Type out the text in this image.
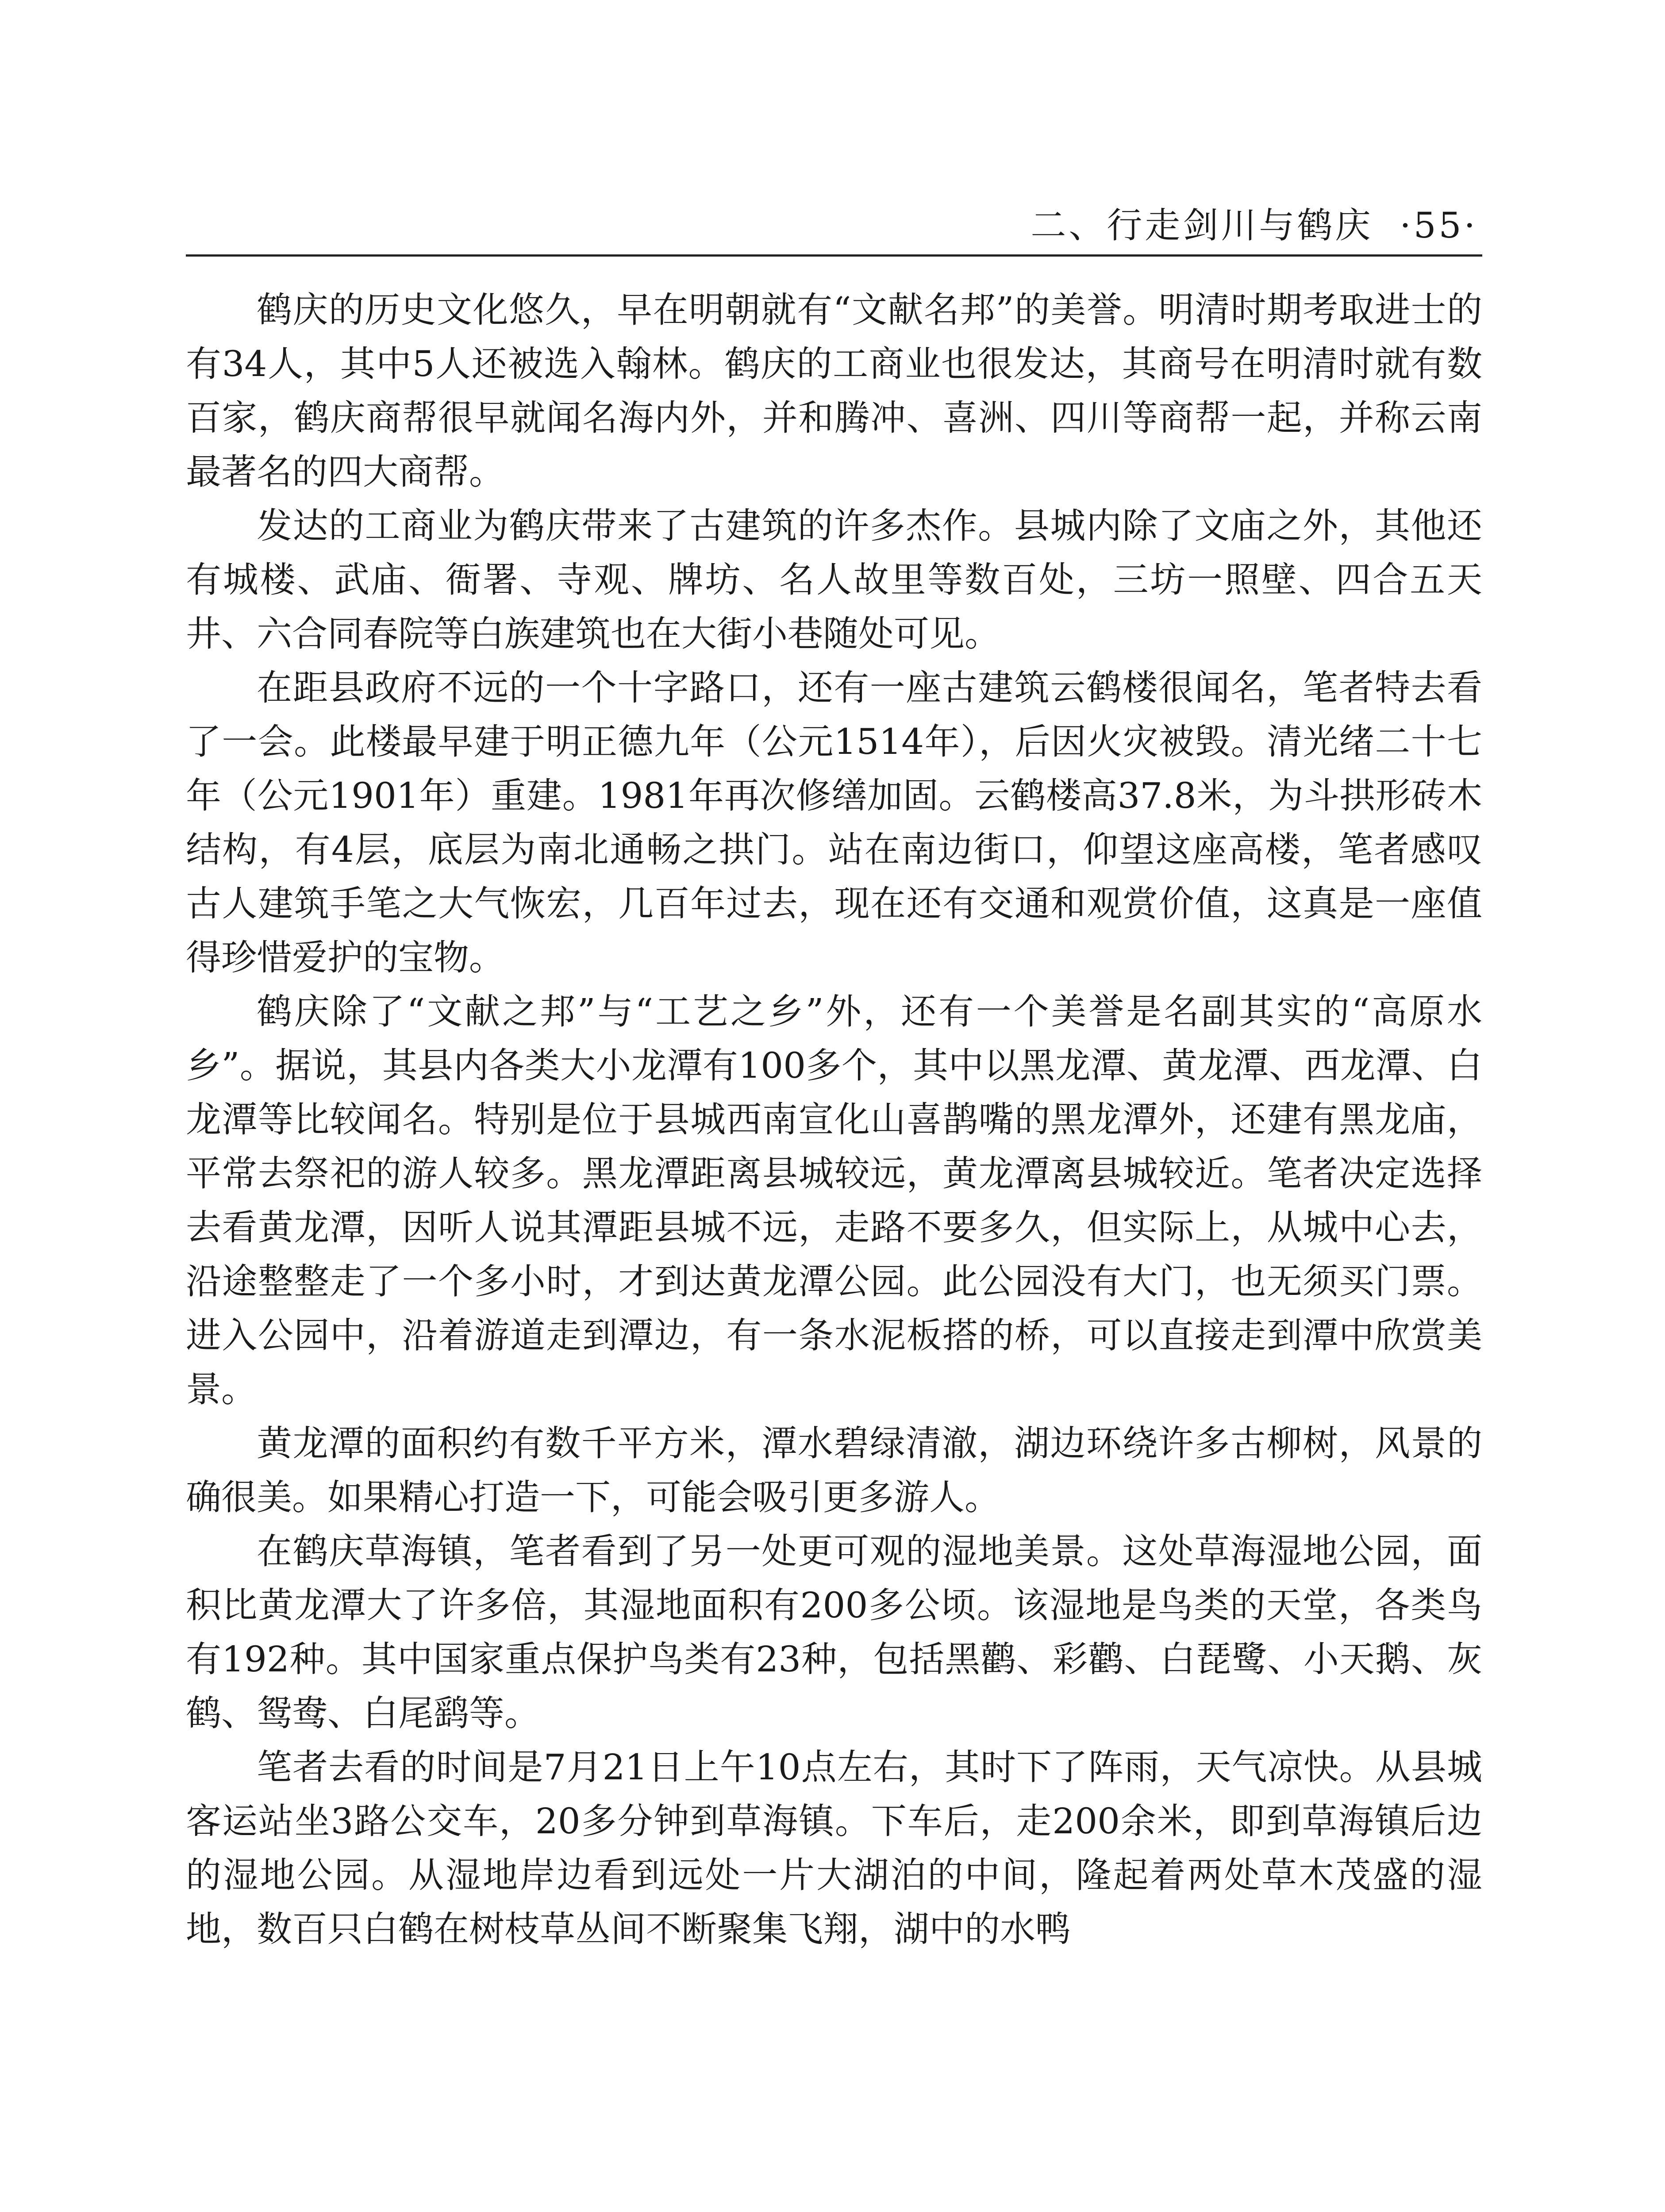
二、行走剑川与鹤庆 ·55·

鹤庆的历史文化悠久，早在明朝就有“文献名邦”的美誉。明清时期考取进士的有34人，其中5人还被选入翰林。鹤庆的工商业也很发达，其商号在明清时就有数百家，鹤庆商帮很早就闻名海内外，并和腾冲、喜洲、四川等商帮一起，并称云南最著名的四大商帮。

发达的工商业为鹤庆带来了古建筑的许多杰作。县城内除了文庙之外，其他还有城楼、武庙、衙署、寺观、牌坊、名人故里等数百处，三坊一照壁、四合五天井、六合同春院等白族建筑也在大街小巷随处可见。

在距县政府不远的一个十字路口，还有一座古建筑云鹤楼很闻名，笔者特去看了一会。此楼最早建于明正德九年（公元1514年），后因火灾被毁。清光绪二十七年（公元1901年）重建。1981年再次修缮加固。云鹤楼高37.8米，为斗拱形砖木结构，有4层，底层为南北通畅之拱门。站在南边街口，仰望这座高楼，笔者感叹古人建筑手笔之大气恢宏，几百年过去，现在还有交通和观赏价值，这真是一座值得珍惜爱护的宝物。

鹤庆除了“文献之邦”与“工艺之乡”外，还有一个美誉是名副其实的“高原水乡”。据说，其县内各类大小龙潭有100多个，其中以黑龙潭、黄龙潭、西龙潭、白龙潭等比较闻名。特别是位于县城西南宣化山喜鹊嘴的黑龙潭外，还建有黑龙庙，平常去祭祀的游人较多。黑龙潭距离县城较远，黄龙潭离县城较近。笔者决定选择去看黄龙潭，因听人说其潭距县城不远，走路不要多久，但实际上，从城中心去，沿途整整走了一个多小时，才到达黄龙潭公园。此公园没有大门，也无须买门票。进入公园中，沿着游道走到潭边，有一条水泥板搭的桥，可以直接走到潭中欣赏美景。

黄龙潭的面积约有数千平方米，潭水碧绿清澈，湖边环绕许多古柳树，风景的确很美。如果精心打造一下，可能会吸引更多游人。

在鹤庆草海镇，笔者看到了另一处更可观的湿地美景。这处草海湿地公园，面积比黄龙潭大了许多倍，其湿地面积有200多公顷。该湿地是鸟类的天堂，各类鸟有192种。其中国家重点保护鸟类有23种，包括黑鹳、彩鹳、白琵鹭、小天鹅、灰鹤、鸳鸯、白尾鹞等。

笔者去看的时间是7月21日上午10点左右，其时下了阵雨，天气凉快。从县城客运站坐3路公交车，20多分钟到草海镇。下车后，走200余米，即到草海镇后边的湿地公园。从湿地岸边看到远处一片大湖泊的中间，隆起着两处草木茂盛的湿地，数百只白鹤在树枝草丛间不断聚集飞翔，湖中的水鸭
